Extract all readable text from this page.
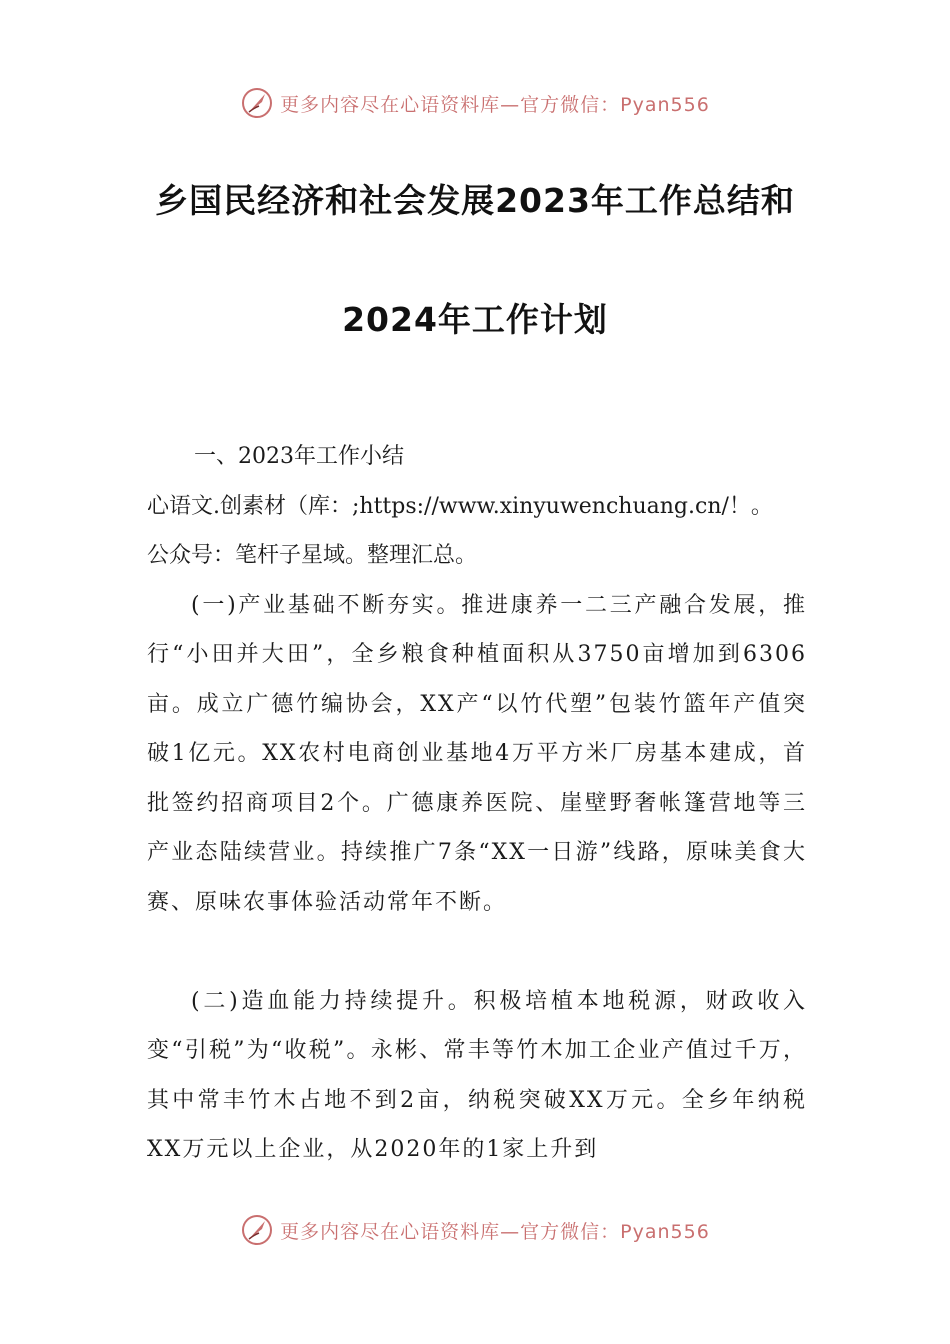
更多内容尽在心语资料库—官方微信：Pyan556
乡国民经济和社会发展2023年工作总结和
2024年工作计划
一、2023年工作小结
心语文.创素材（库：;https://www.xinyuwenchuang.cn/！。
公众号：笔杆子星域。整理汇总。

(一)产业基础不断夯实。推进康养一二三产融合发展，推行“小田并大田”，全乡粮食种植面积从3750亩增加到6306亩。成立广德竹编协会，XX产“以竹代塑”包装竹篮年产值突破1亿元。XX农村电商创业基地4万平方米厂房基本建成，首批签约招商项目2个。广德康养医院、崖壁野奢帐篷营地等三产业态陆续营业。持续推广7条“XX一日游”线路，原味美食大赛、原味农事体验活动常年不断。

(二)造血能力持续提升。积极培植本地税源，财政收入变“引税”为“收税”。永彬、常丰等竹木加工企业产值过千万，其中常丰竹木占地不到2亩，纳税突破XX万元。全乡年纳税XX万元以上企业，从2020年的1家上升到

更多内容尽在心语资料库—官方微信：Pyan556
